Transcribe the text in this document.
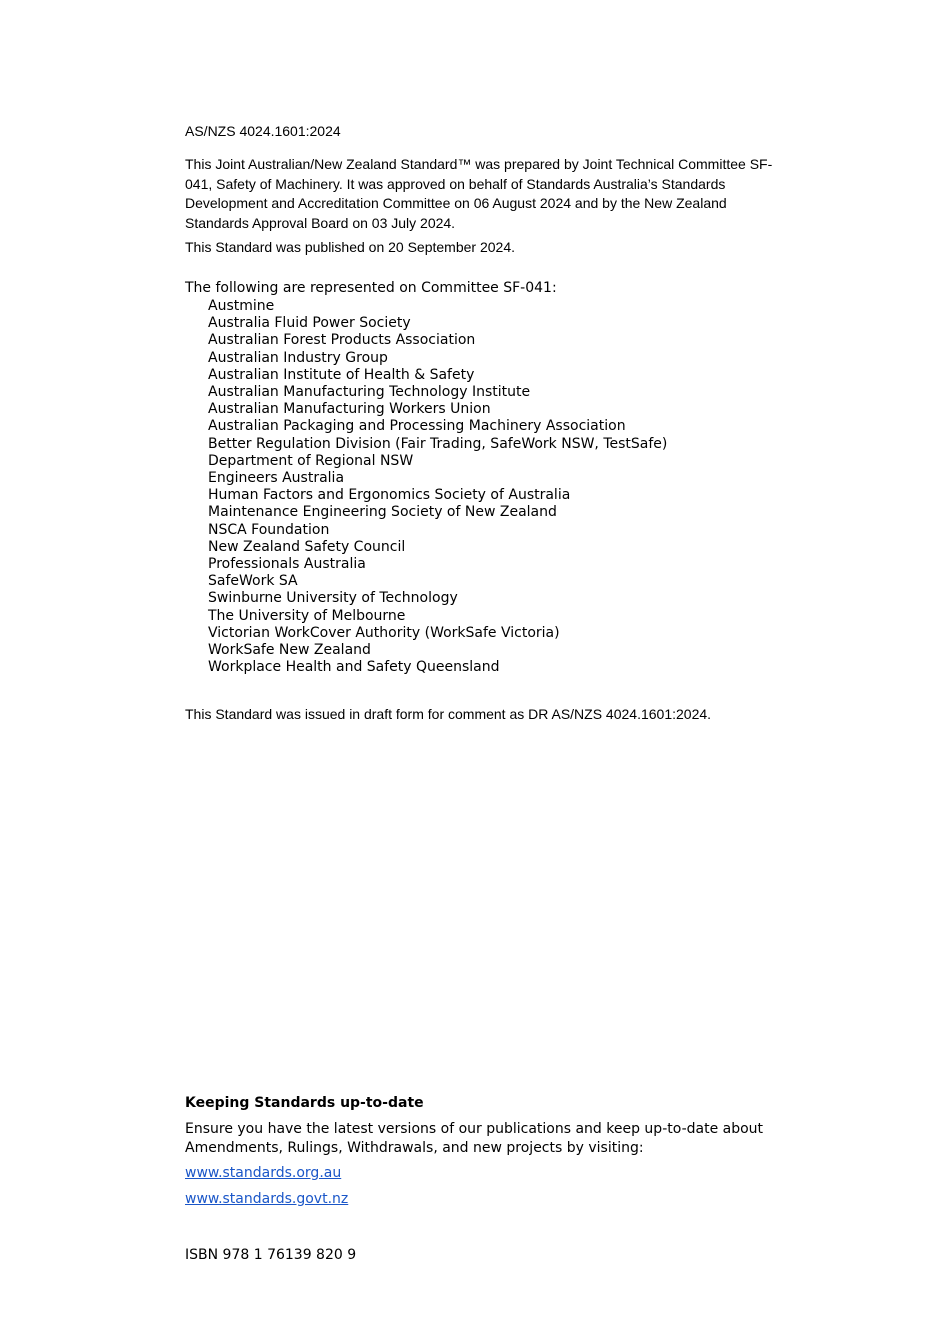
AS/NZS 4024.1601:2024

This Joint Australian/New Zealand Standard™ was prepared by Joint Technical Committee SF-041, Safety of Machinery. It was approved on behalf of Standards Australia’s Standards Development and Accreditation Committee on 06 August 2024 and by the New Zealand Standards Approval Board on 03 July 2024.

This Standard was published on 20 September 2024.

The following are represented on Committee SF-041:

Austmine
Australia Fluid Power Society
Australian Forest Products Association
Australian Industry Group
Australian Institute of Health & Safety
Australian Manufacturing Technology Institute
Australian Manufacturing Workers Union
Australian Packaging and Processing Machinery Association
Better Regulation Division (Fair Trading, SafeWork NSW, TestSafe)
Department of Regional NSW
Engineers Australia
Human Factors and Ergonomics Society of Australia
Maintenance Engineering Society of New Zealand
NSCA Foundation
New Zealand Safety Council
Professionals Australia
SafeWork SA
Swinburne University of Technology
The University of Melbourne
Victorian WorkCover Authority (WorkSafe Victoria)
WorkSafe New Zealand
Workplace Health and Safety Queensland

This Standard was issued in draft form for comment as DR AS/NZS 4024.1601:2024.

Keeping Standards up-to-date

Ensure you have the latest versions of our publications and keep up-to-date about Amendments, Rulings, Withdrawals, and new projects by visiting:

www.standards.org.au
www.standards.govt.nz

ISBN 978 1 76139 820 9
